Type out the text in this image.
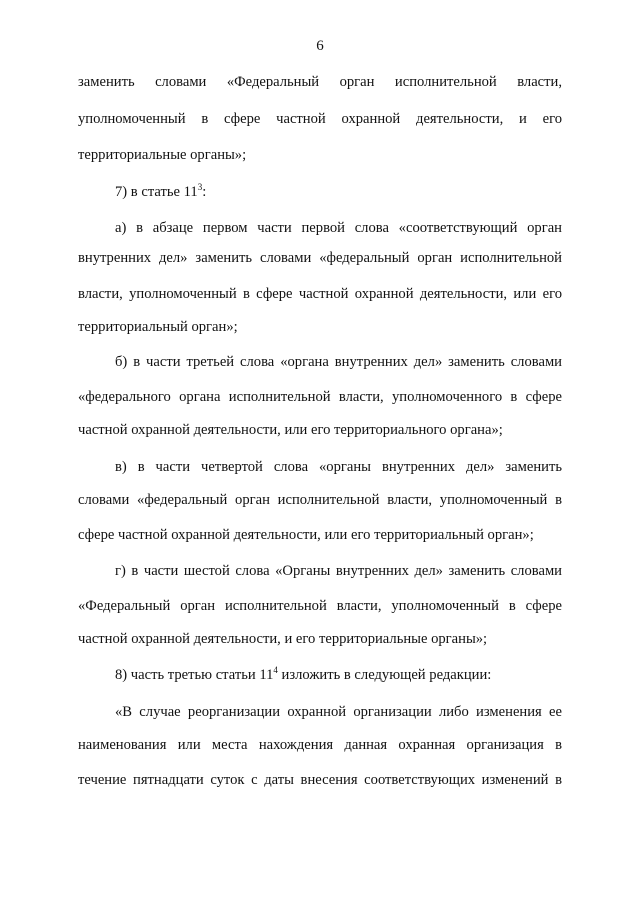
6
заменить словами «Федеральный орган исполнительной власти,
уполномоченный в сфере частной охранной деятельности, и его
территориальные органы»;
7) в статье $11^3$:
а) в абзаце первом части первой слова «соответствующий орган
внутренних дел» заменить словами «федеральный орган исполнительной
власти, уполномоченный в сфере частной охранной деятельности, или его
территориальный орган»;
б) в части третьей слова «органа внутренних дел» заменить словами
«федерального органа исполнительной власти, уполномоченного в сфере
частной охранной деятельности, или его территориального органа»;
в) в части четвертой слова «органы внутренних дел» заменить
словами «федеральный орган исполнительной власти, уполномоченный в
сфере частной охранной деятельности, или его территориальный орган»;
г) в части шестой слова «Органы внутренних дел» заменить словами
«Федеральный орган исполнительной власти, уполномоченный в сфере
частной охранной деятельности, и его территориальные органы»;
8) часть третью статьи $11^4$ изложить в следующей редакции:
«В случае реорганизации охранной организации либо изменения ее
наименования или места нахождения данная охранная организация в
течение пятнадцати суток с даты внесения соответствующих изменений в
